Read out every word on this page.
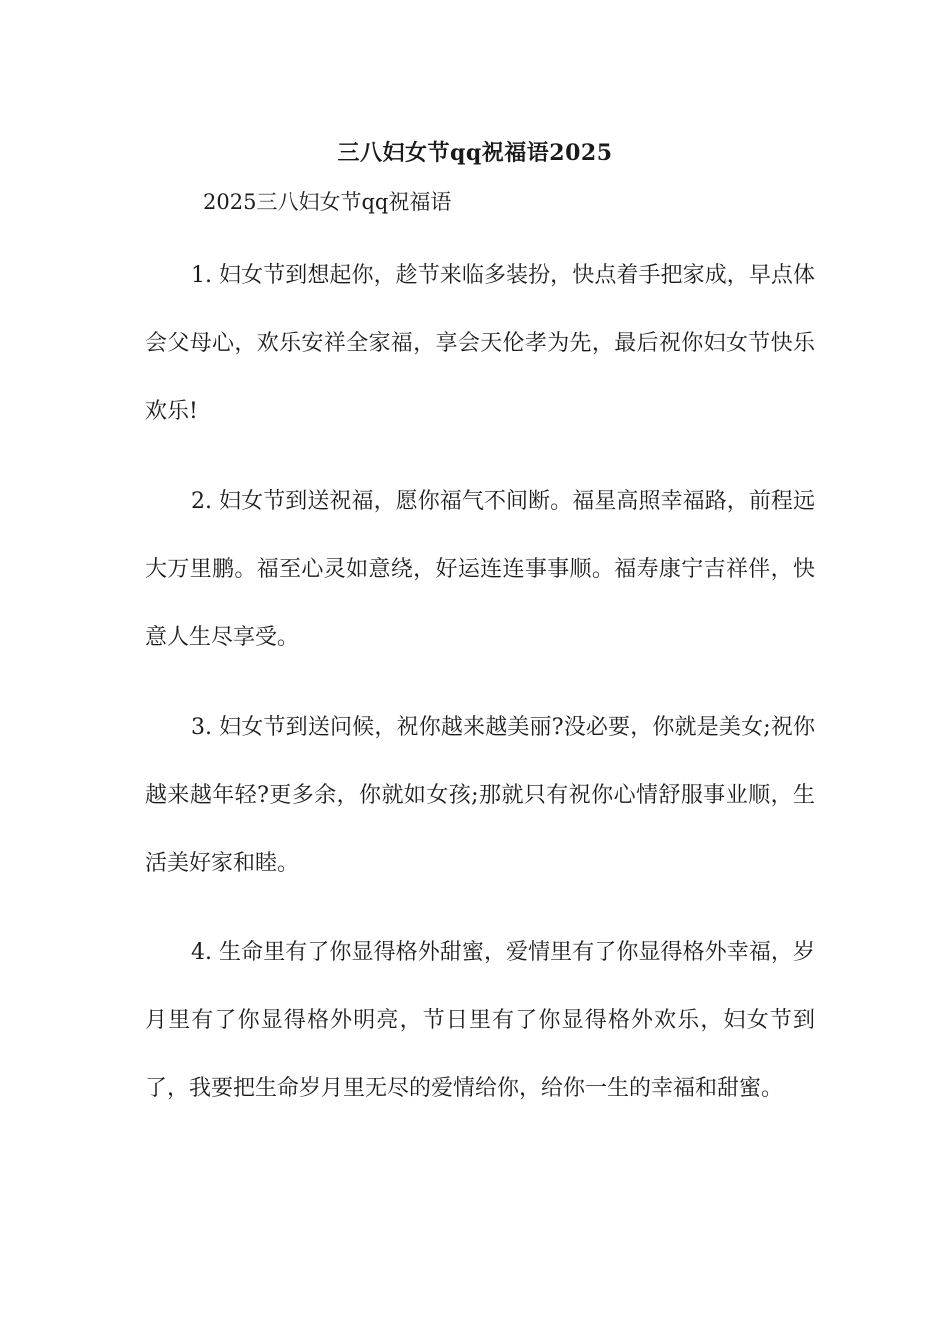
三八妇女节qq祝福语2025
2025三八妇女节qq祝福语
1. 妇女节到想起你，趁节来临多装扮，快点着手把家成，早点体会父母心，欢乐安祥全家福，享会天伦孝为先，最后祝你妇女节快乐欢乐!
2. 妇女节到送祝福，愿你福气不间断。福星高照幸福路，前程远大万里鹏。福至心灵如意绕，好运连连事事顺。福寿康宁吉祥伴，快意人生尽享受。
3. 妇女节到送问候，祝你越来越美丽?没必要，你就是美女;祝你越来越年轻?更多余，你就如女孩;那就只有祝你心情舒服事业顺，生活美好家和睦。
4. 生命里有了你显得格外甜蜜，爱情里有了你显得格外幸福，岁月里有了你显得格外明亮，节日里有了你显得格外欢乐，妇女节到了，我要把生命岁月里无尽的爱情给你，给你一生的幸福和甜蜜。
